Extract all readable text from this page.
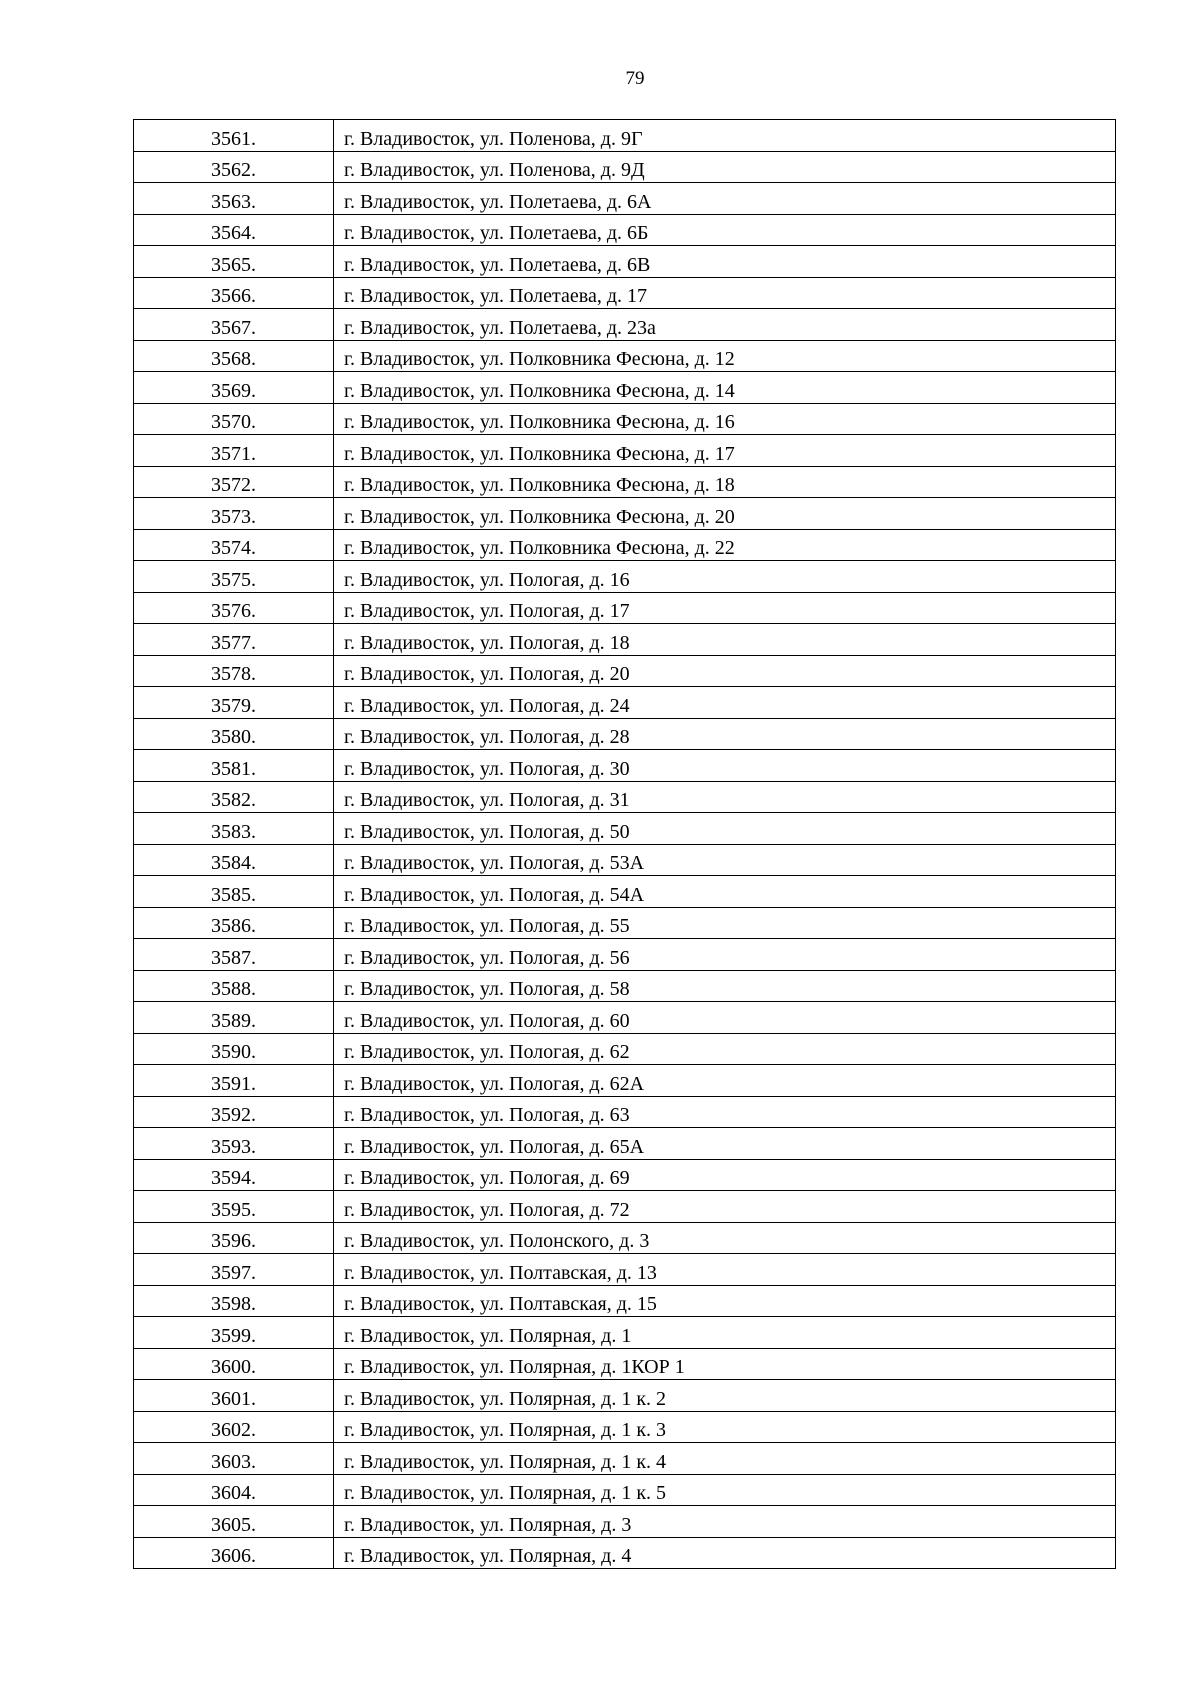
79
3561.	г. Владивосток, ул. Поленова, д. 9Г
3562.	г. Владивосток, ул. Поленова, д. 9Д
3563.	г. Владивосток, ул. Полетаева, д. 6А
3564.	г. Владивосток, ул. Полетаева, д. 6Б
3565.	г. Владивосток, ул. Полетаева, д. 6В
3566.	г. Владивосток, ул. Полетаева, д. 17
3567.	г. Владивосток, ул. Полетаева, д. 23а
3568.	г. Владивосток, ул. Полковника Фесюна, д. 12
3569.	г. Владивосток, ул. Полковника Фесюна, д. 14
3570.	г. Владивосток, ул. Полковника Фесюна, д. 16
3571.	г. Владивосток, ул. Полковника Фесюна, д. 17
3572.	г. Владивосток, ул. Полковника Фесюна, д. 18
3573.	г. Владивосток, ул. Полковника Фесюна, д. 20
3574.	г. Владивосток, ул. Полковника Фесюна, д. 22
3575.	г. Владивосток, ул. Пологая, д. 16
3576.	г. Владивосток, ул. Пологая, д. 17
3577.	г. Владивосток, ул. Пологая, д. 18
3578.	г. Владивосток, ул. Пологая, д. 20
3579.	г. Владивосток, ул. Пологая, д. 24
3580.	г. Владивосток, ул. Пологая, д. 28
3581.	г. Владивосток, ул. Пологая, д. 30
3582.	г. Владивосток, ул. Пологая, д. 31
3583.	г. Владивосток, ул. Пологая, д. 50
3584.	г. Владивосток, ул. Пологая, д. 53А
3585.	г. Владивосток, ул. Пологая, д. 54А
3586.	г. Владивосток, ул. Пологая, д. 55
3587.	г. Владивосток, ул. Пологая, д. 56
3588.	г. Владивосток, ул. Пологая, д. 58
3589.	г. Владивосток, ул. Пологая, д. 60
3590.	г. Владивосток, ул. Пологая, д. 62
3591.	г. Владивосток, ул. Пологая, д. 62А
3592.	г. Владивосток, ул. Пологая, д. 63
3593.	г. Владивосток, ул. Пологая, д. 65А
3594.	г. Владивосток, ул. Пологая, д. 69
3595.	г. Владивосток, ул. Пологая, д. 72
3596.	г. Владивосток, ул. Полонского, д. 3
3597.	г. Владивосток, ул. Полтавская, д. 13
3598.	г. Владивосток, ул. Полтавская, д. 15
3599.	г. Владивосток, ул. Полярная, д. 1
3600.	г. Владивосток, ул. Полярная, д. 1КОР 1
3601.	г. Владивосток, ул. Полярная, д. 1 к. 2
3602.	г. Владивосток, ул. Полярная, д. 1 к. 3
3603.	г. Владивосток, ул. Полярная, д. 1 к. 4
3604.	г. Владивосток, ул. Полярная, д. 1 к. 5
3605.	г. Владивосток, ул. Полярная, д. 3
3606.	г. Владивосток, ул. Полярная, д. 4
